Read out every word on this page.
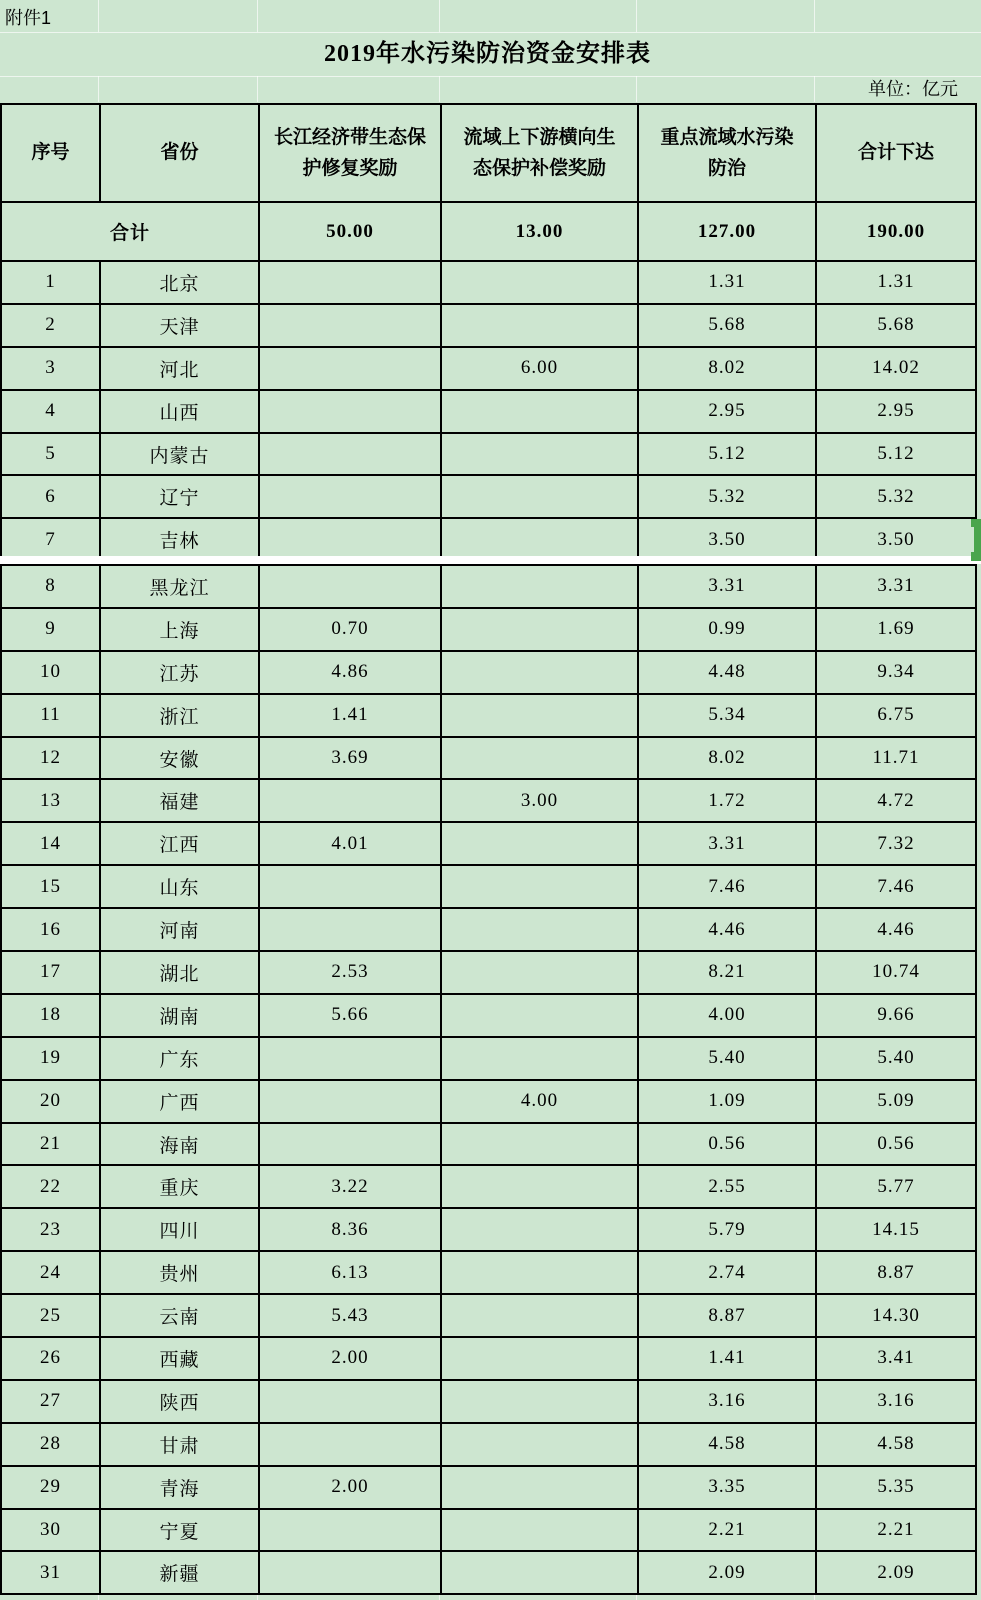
附件1
2019年水污染防治资金安排表
单位：亿元
序号	省份	长江经济带生态保护修复奖励	流域上下游横向生态保护补偿奖励	重点流域水污染防治	合计下达
合计		50.00	13.00	127.00	190.00
1	北京			1.31	1.31
2	天津			5.68	5.68
3	河北		6.00	8.02	14.02
4	山西			2.95	2.95
5	内蒙古			5.12	5.12
6	辽宁			5.32	5.32
7	吉林			3.50	3.50
8	黑龙江			3.31	3.31
9	上海	0.70		0.99	1.69
10	江苏	4.86		4.48	9.34
11	浙江	1.41		5.34	6.75
12	安徽	3.69		8.02	11.71
13	福建		3.00	1.72	4.72
14	江西	4.01		3.31	7.32
15	山东			7.46	7.46
16	河南			4.46	4.46
17	湖北	2.53		8.21	10.74
18	湖南	5.66		4.00	9.66
19	广东			5.40	5.40
20	广西		4.00	1.09	5.09
21	海南			0.56	0.56
22	重庆	3.22		2.55	5.77
23	四川	8.36		5.79	14.15
24	贵州	6.13		2.74	8.87
25	云南	5.43		8.87	14.30
26	西藏	2.00		1.41	3.41
27	陕西			3.16	3.16
28	甘肃			4.58	4.58
29	青海	2.00		3.35	5.35
30	宁夏			2.21	2.21
31	新疆			2.09	2.09
